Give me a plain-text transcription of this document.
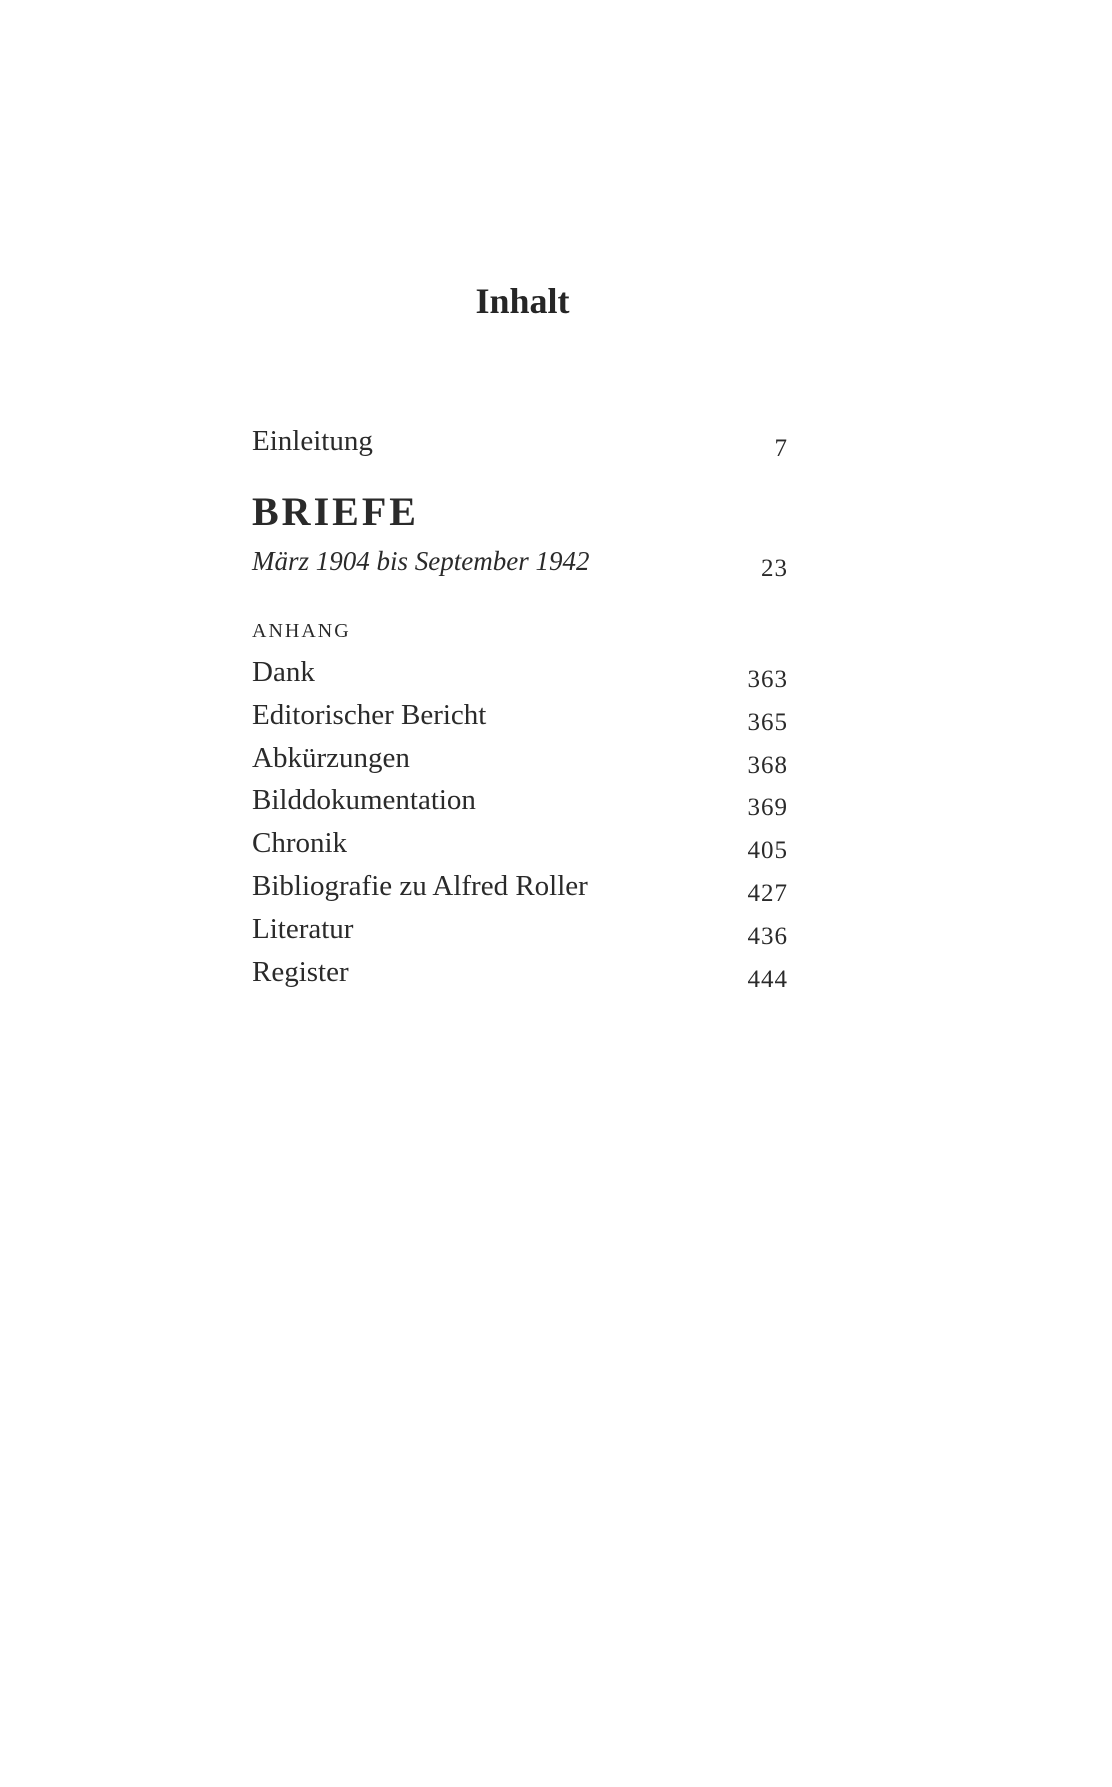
Inhalt
Einleitung	7
BRIEFE
März 1904 bis September 1942	23
ANHANG
Dank	363
Editorischer Bericht	365
Abkürzungen	368
Bilddokumentation	369
Chronik	405
Bibliografie zu Alfred Roller	427
Literatur	436
Register	444
